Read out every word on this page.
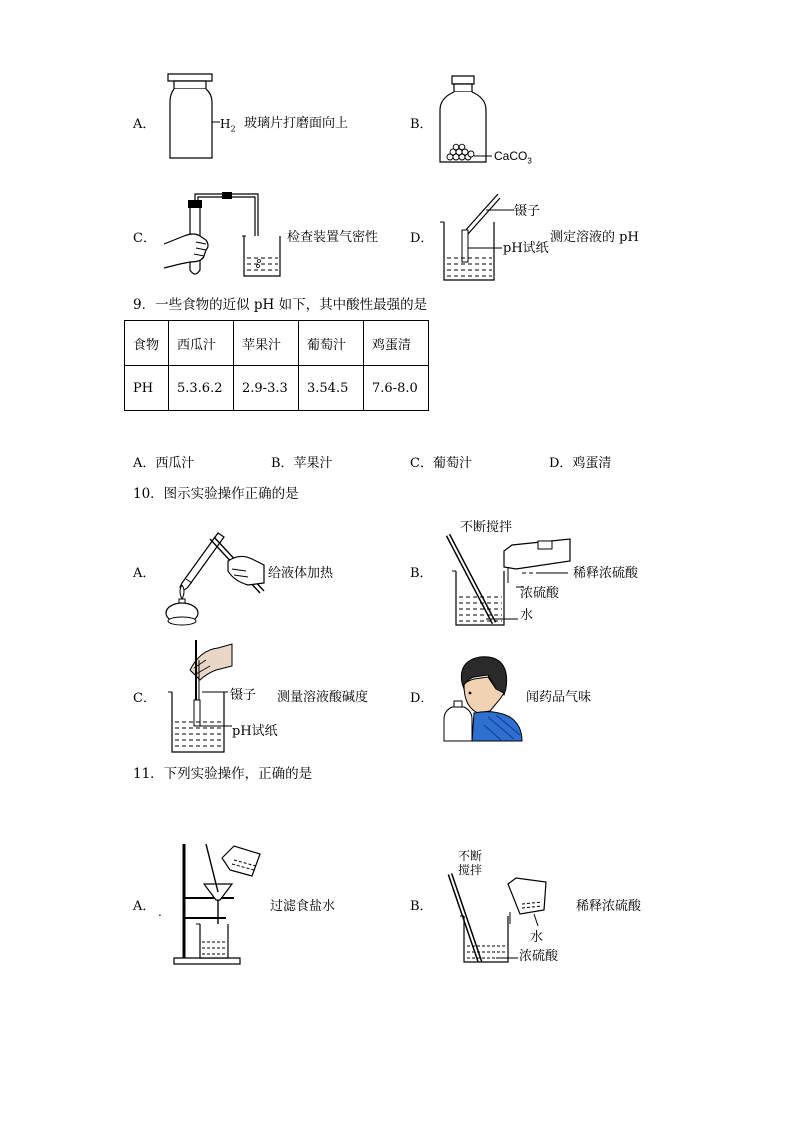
A．	$H_2$ 玻璃片打磨面向上	B．
CaCO$_3$
C．	检查装置气密性 D．
镊子
pH试纸
测定溶液的 pH
9．一些食物的近似 pH 如下，其中酸性最强的是
食物	西瓜汁	苹果汁	葡萄汁	鸡蛋清
PH	5.3.6.2	2.9-3.3	3.54.5	7.6-8.0
A．西瓜汁	B．苹果汁	C．葡萄汁	D．鸡蛋清
10．图示实验操作正确的是
A．	给液体加热	B．
不断搅拌
稀释浓硫酸
浓硫酸
水
C．	镊子 测量溶液酸碱度
pH试纸
D．	闻药品气味
11．下列实验操作，正确的是
A． .	过滤食盐水	B．
不断
搅拌
稀释浓硫酸
水
浓硫酸
